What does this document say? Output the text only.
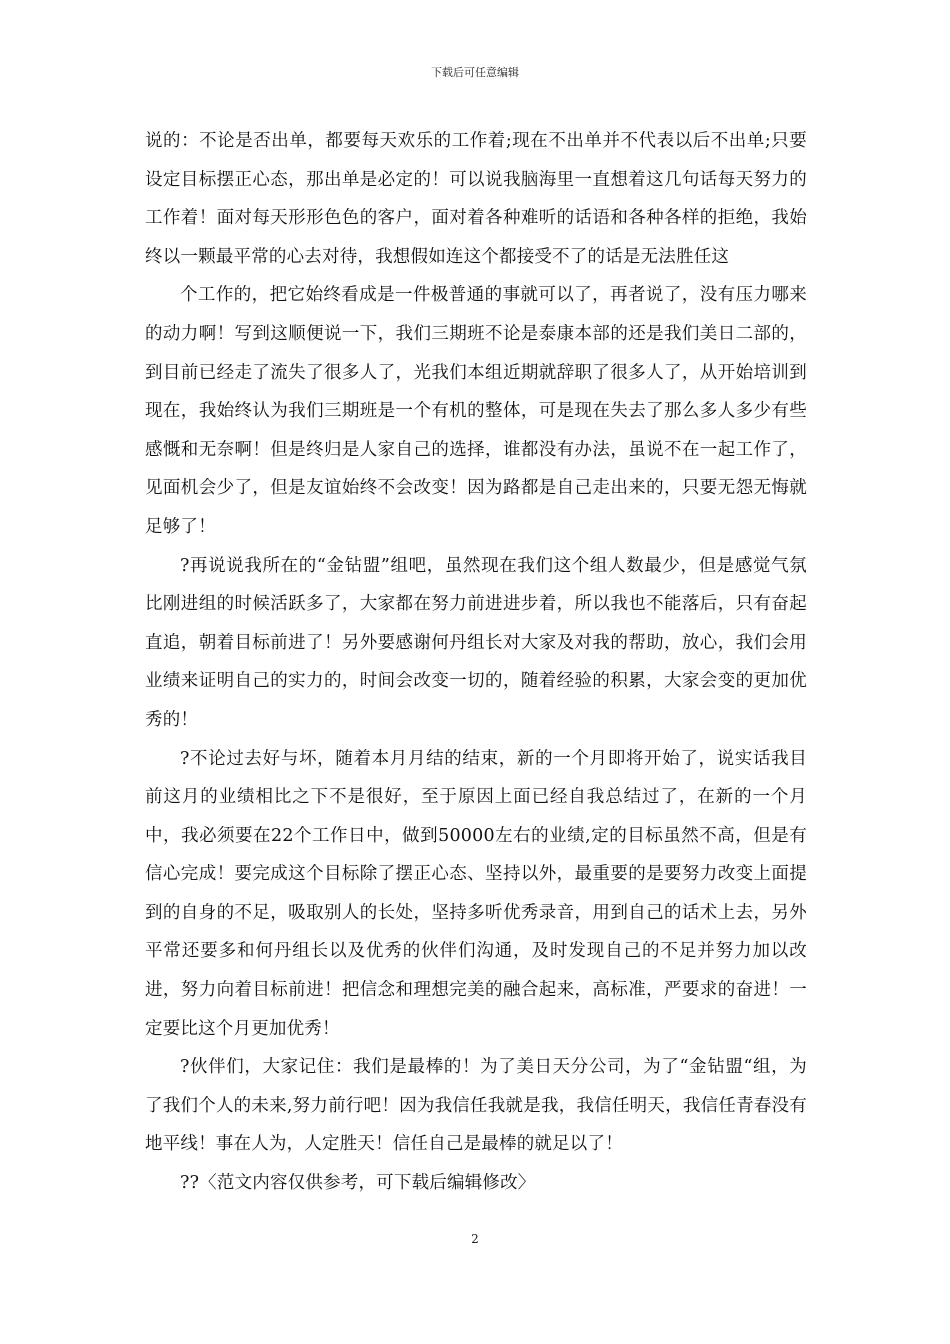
下载后可任意编辑

说的：不论是否出单，都要每天欢乐的工作着;现在不出单并不代表以后不出单;只要设定目标摆正心态，那出单是必定的！可以说我脑海里一直想着这几句话每天努力的工作着！面对每天形形色色的客户，面对着各种难听的话语和各种各样的拒绝，我始终以一颗最平常的心去对待，我想假如连这个都接受不了的话是无法胜任这

个工作的，把它始终看成是一件极普通的事就可以了，再者说了，没有压力哪来的动力啊！写到这顺便说一下，我们三期班不论是泰康本部的还是我们美日二部的，到目前已经走了流失了很多人了，光我们本组近期就辞职了很多人了，从开始培训到现在，我始终认为我们三期班是一个有机的整体，可是现在失去了那么多人多少有些感慨和无奈啊！但是终归是人家自己的选择，谁都没有办法，虽说不在一起工作了，见面机会少了，但是友谊始终不会改变！因为路都是自己走出来的，只要无怨无悔就足够了！

?再说说我所在的“金钻盟”组吧，虽然现在我们这个组人数最少，但是感觉气氛比刚进组的时候活跃多了，大家都在努力前进进步着，所以我也不能落后，只有奋起直追，朝着目标前进了！另外要感谢何丹组长对大家及对我的帮助，放心，我们会用业绩来证明自己的实力的，时间会改变一切的，随着经验的积累，大家会变的更加优秀的！

?不论过去好与坏，随着本月月结的结束，新的一个月即将开始了，说实话我目前这月的业绩相比之下不是很好，至于原因上面已经自我总结过了，在新的一个月中，我必须要在22个工作日中，做到50000左右的业绩,定的目标虽然不高，但是有信心完成！要完成这个目标除了摆正心态、坚持以外，最重要的是要努力改变上面提到的自身的不足，吸取别人的长处，坚持多听优秀录音，用到自己的话术上去，另外平常还要多和何丹组长以及优秀的伙伴们沟通，及时发现自己的不足并努力加以改进，努力向着目标前进！把信念和理想完美的融合起来，高标准，严要求的奋进！一定要比这个月更加优秀！

?伙伴们，大家记住：我们是最棒的！为了美日天分公司，为了“金钻盟“组，为了我们个人的未来,努力前行吧！因为我信任我就是我，我信任明天，我信任青春没有地平线！事在人为，人定胜天！信任自己是最棒的就足以了！

??〈范文内容仅供参考，可下载后编辑修改〉

2
